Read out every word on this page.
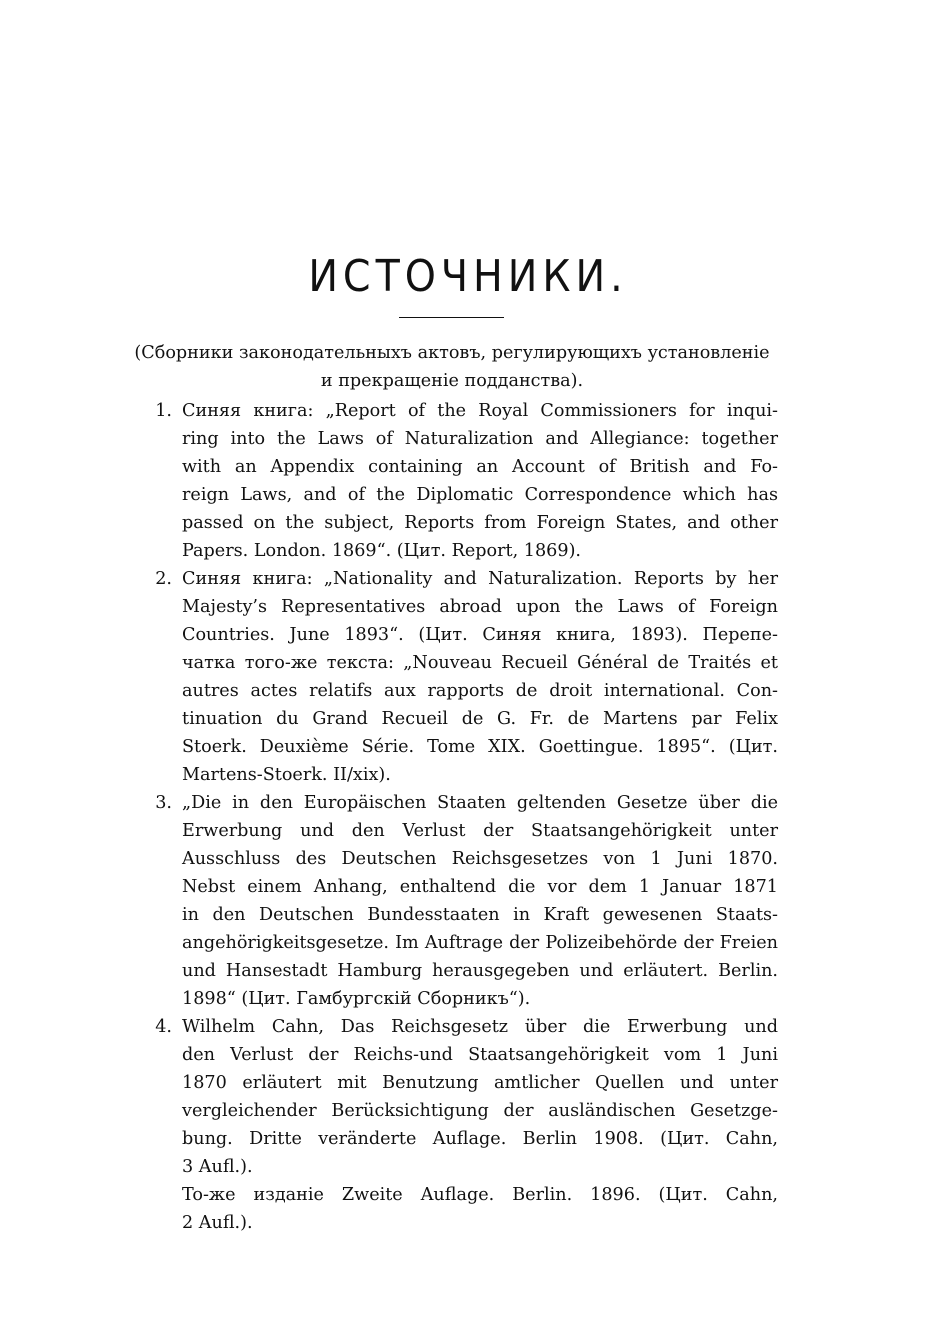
ИСТОЧНИКИ.
(Сборники законодательныхъ актовъ, регулирующихъ установленіе
и прекращеніе подданства).
1. Синяя книга: „Report of the Royal Commissioners for inqui-
ring into the Laws of Naturalization and Allegiance: together
with an Appendix containing an Account of British and Fo-
reign Laws, and of the Diplomatic Correspondence which has
passed on the subject, Reports from Foreign States, and other
Papers. London. 1869“. (Цит. Report, 1869).
2. Синяя книга: „Nationality and Naturalization. Reports by her
Majesty’s Representatives abroad upon the Laws of Foreign
Countries. June 1893“. (Цит. Синяя книга, 1893). Перепе-
чатка того-же текста: „Nouveau Recueil Général de Traités et
autres actes relatifs aux rapports de droit international. Con-
tinuation du Grand Recueil de G. Fr. de Martens par Felix
Stoerk. Deuxième Série. Tome XIX. Goettingue. 1895“. (Цит.
Martens-Stoerk. II/xix).
3. „Die in den Europäischen Staaten geltenden Gesetze über die
Erwerbung und den Verlust der Staatsangehörigkeit unter
Ausschluss des Deutschen Reichsgesetzes von 1 Juni 1870.
Nebst einem Anhang, enthaltend die vor dem 1 Januar 1871
in den Deutschen Bundesstaaten in Kraft gewesenen Staats-
angehörigkeitsgesetze. Im Auftrage der Polizeibehörde der Freien
und Hansestadt Hamburg herausgegeben und erläutert. Berlin.
1898“ (Цит. Гамбургскій Сборникъ“).
4. Wilhelm Cahn, Das Reichsgesetz über die Erwerbung und
den Verlust der Reichs-und Staatsangehörigkeit vom 1 Juni
1870 erläutert mit Benutzung amtlicher Quellen und unter
vergleichender Berücksichtigung der ausländischen Gesetzge-
bung. Dritte veränderte Auflage. Berlin 1908. (Цит. Cahn,
3 Aufl.).
To-же изданіе Zweite Auflage. Berlin. 1896. (Цит. Cahn,
2 Aufl.).
